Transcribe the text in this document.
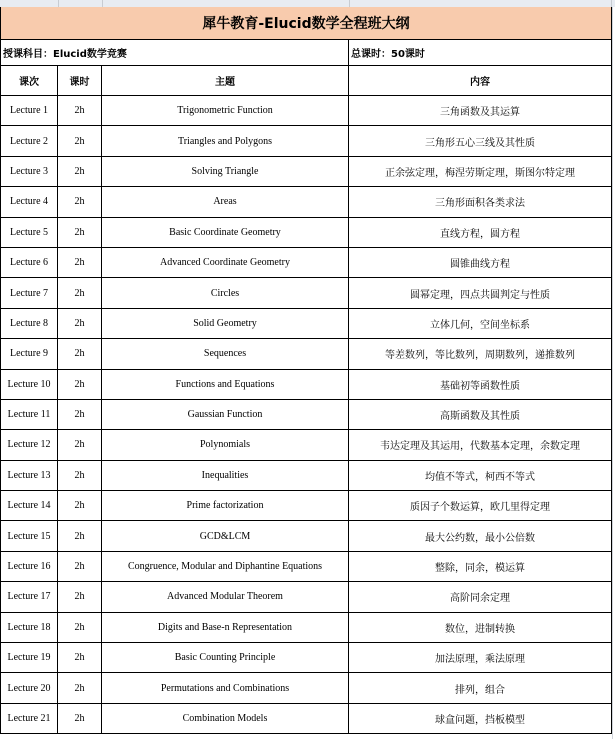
犀牛教育-Elucid数学全程班大纲
授课科目：Elucid数学竞赛	总课时：50课时
课次	课时	主题	内容
Lecture 1	2h	Trigonometric Function	三角函数及其运算
Lecture 2	2h	Triangles and Polygons	三角形五心三线及其性质
Lecture 3	2h	Solving Triangle	正余弦定理，梅涅劳斯定理，斯图尔特定理
Lecture 4	2h	Areas	三角形面积各类求法
Lecture 5	2h	Basic Coordinate Geometry	直线方程，圆方程
Lecture 6	2h	Advanced Coordinate Geometry	圆锥曲线方程
Lecture 7	2h	Circles	圆幂定理，四点共圆判定与性质
Lecture 8	2h	Solid Geometry	立体几何，空间坐标系
Lecture 9	2h	Sequences	等差数列，等比数列，周期数列，递推数列
Lecture 10	2h	Functions and Equations	基础初等函数性质
Lecture 11	2h	Gaussian Function	高斯函数及其性质
Lecture 12	2h	Polynomials	韦达定理及其运用，代数基本定理，余数定理
Lecture 13	2h	Inequalities	均值不等式，柯西不等式
Lecture 14	2h	Prime factorization	质因子个数运算，欧几里得定理
Lecture 15	2h	GCD&LCM	最大公约数，最小公倍数
Lecture 16	2h	Congruence, Modular and Diphantine Equations	整除，同余，模运算
Lecture 17	2h	Advanced Modular Theorem	高阶同余定理
Lecture 18	2h	Digits and Base-n Representation	数位，进制转换
Lecture 19	2h	Basic Counting Principle	加法原理，乘法原理
Lecture 20	2h	Permutations and Combinations	排列，组合
Lecture 21	2h	Combination Models	球盒问题，挡板模型
